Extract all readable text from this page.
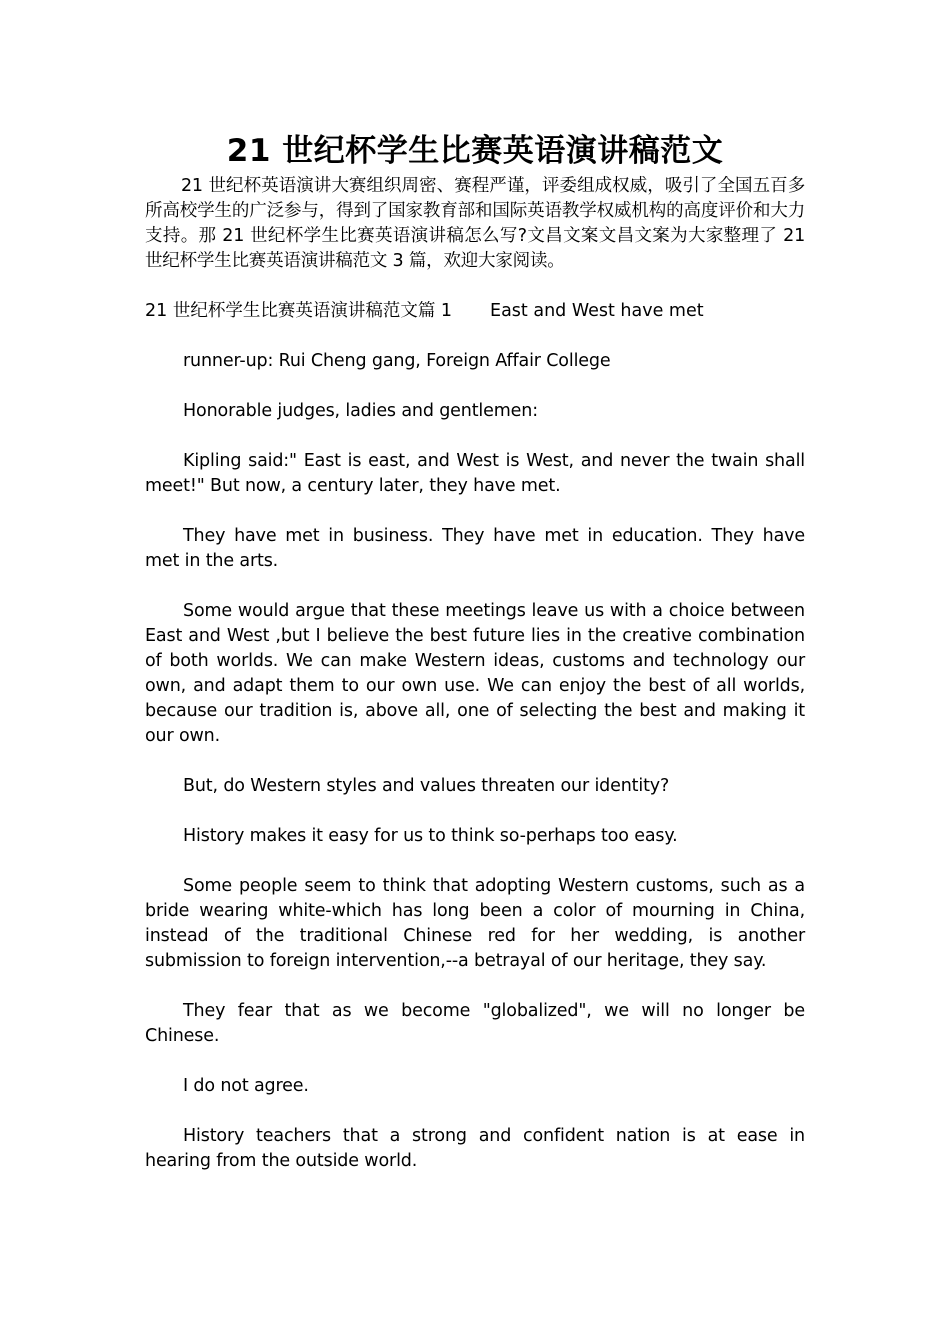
21 世纪杯学生比赛英语演讲稿范文

21 世纪杯英语演讲大赛组织周密、赛程严谨，评委组成权威，吸引了全国五百多所高校学生的广泛参与，得到了国家教育部和国际英语教学权威机构的高度评价和大力支持。那 21 世纪杯学生比赛英语演讲稿怎么写?文昌文案文昌文案为大家整理了 21 世纪杯学生比赛英语演讲稿范文 3 篇，欢迎大家阅读。

21 世纪杯学生比赛英语演讲稿范文篇 1 East and West have met

runner-up: Rui Cheng gang, Foreign Affair College

Honorable judges, ladies and gentlemen:

Kipling said:" East is east, and West is West, and never the twain shall meet!" But now, a century later, they have met.

They have met in business. They have met in education. They have met in the arts.

Some would argue that these meetings leave us with a choice between East and West ,but I believe the best future lies in the creative combination of both worlds. We can make Western ideas, customs and technology our own, and adapt them to our own use. We can enjoy the best of all worlds, because our tradition is, above all, one of selecting the best and making it our own.

But, do Western styles and values threaten our identity?

History makes it easy for us to think so-perhaps too easy.

Some people seem to think that adopting Western customs, such as a bride wearing white-which has long been a color of mourning in China, instead of the traditional Chinese red for her wedding, is another submission to foreign intervention,--a betrayal of our heritage, they say.

They fear that as we become "globalized", we will no longer be Chinese.

I do not agree.

History teachers that a strong and confident nation is at ease in hearing from the outside world.
